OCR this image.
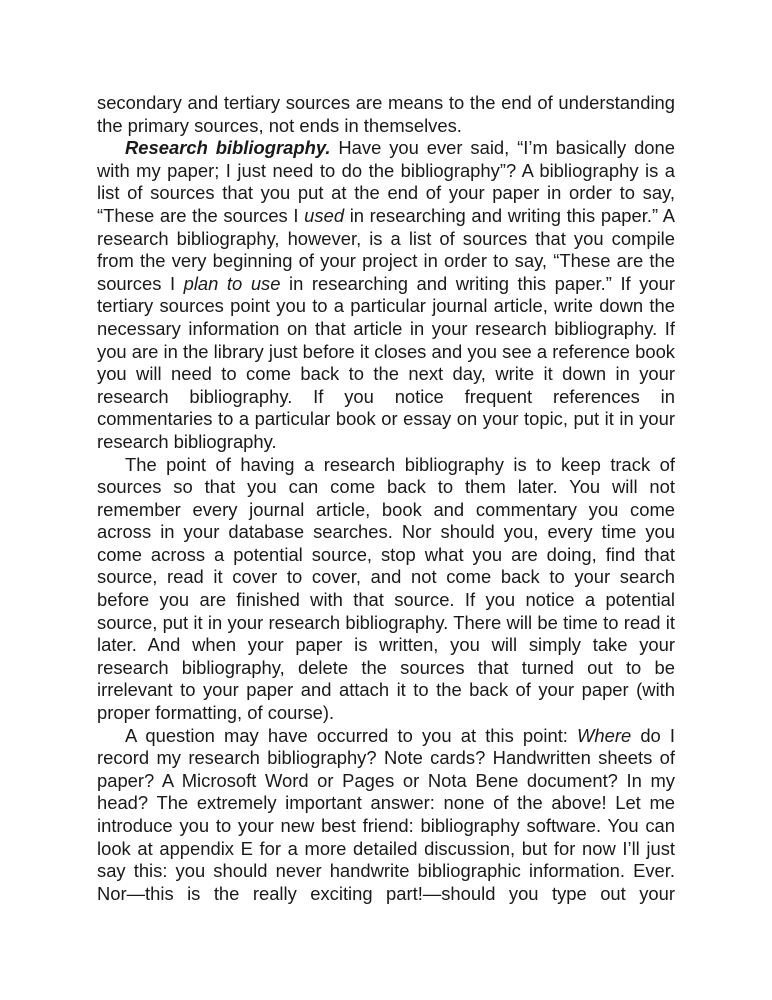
secondary and tertiary sources are means to the end of understanding the primary sources, not ends in themselves.

Research bibliography. Have you ever said, “I’m basically done with my paper; I just need to do the bibliography”? A bibliography is a list of sources that you put at the end of your paper in order to say, “These are the sources I used in researching and writing this paper.” A research bibliography, however, is a list of sources that you compile from the very beginning of your project in order to say, “These are the sources I plan to use in researching and writing this paper.” If your tertiary sources point you to a particular journal article, write down the necessary information on that article in your research bibliography. If you are in the library just before it closes and you see a reference book you will need to come back to the next day, write it down in your research bibliography. If you notice frequent references in commentaries to a particular book or essay on your topic, put it in your research bibliography.

The point of having a research bibliography is to keep track of sources so that you can come back to them later. You will not remember every journal article, book and commentary you come across in your database searches. Nor should you, every time you come across a potential source, stop what you are doing, find that source, read it cover to cover, and not come back to your search before you are finished with that source. If you notice a potential source, put it in your research bibliography. There will be time to read it later. And when your paper is written, you will simply take your research bibliography, delete the sources that turned out to be irrelevant to your paper and attach it to the back of your paper (with proper formatting, of course).

A question may have occurred to you at this point: Where do I record my research bibliography? Note cards? Handwritten sheets of paper? A Microsoft Word or Pages or Nota Bene document? In my head? The extremely important answer: none of the above! Let me introduce you to your new best friend: bibliography software. You can look at appendix E for a more detailed discussion, but for now I’ll just say this: you should never handwrite bibliographic information. Ever. Nor—this is the really exciting part!—should you type out your
